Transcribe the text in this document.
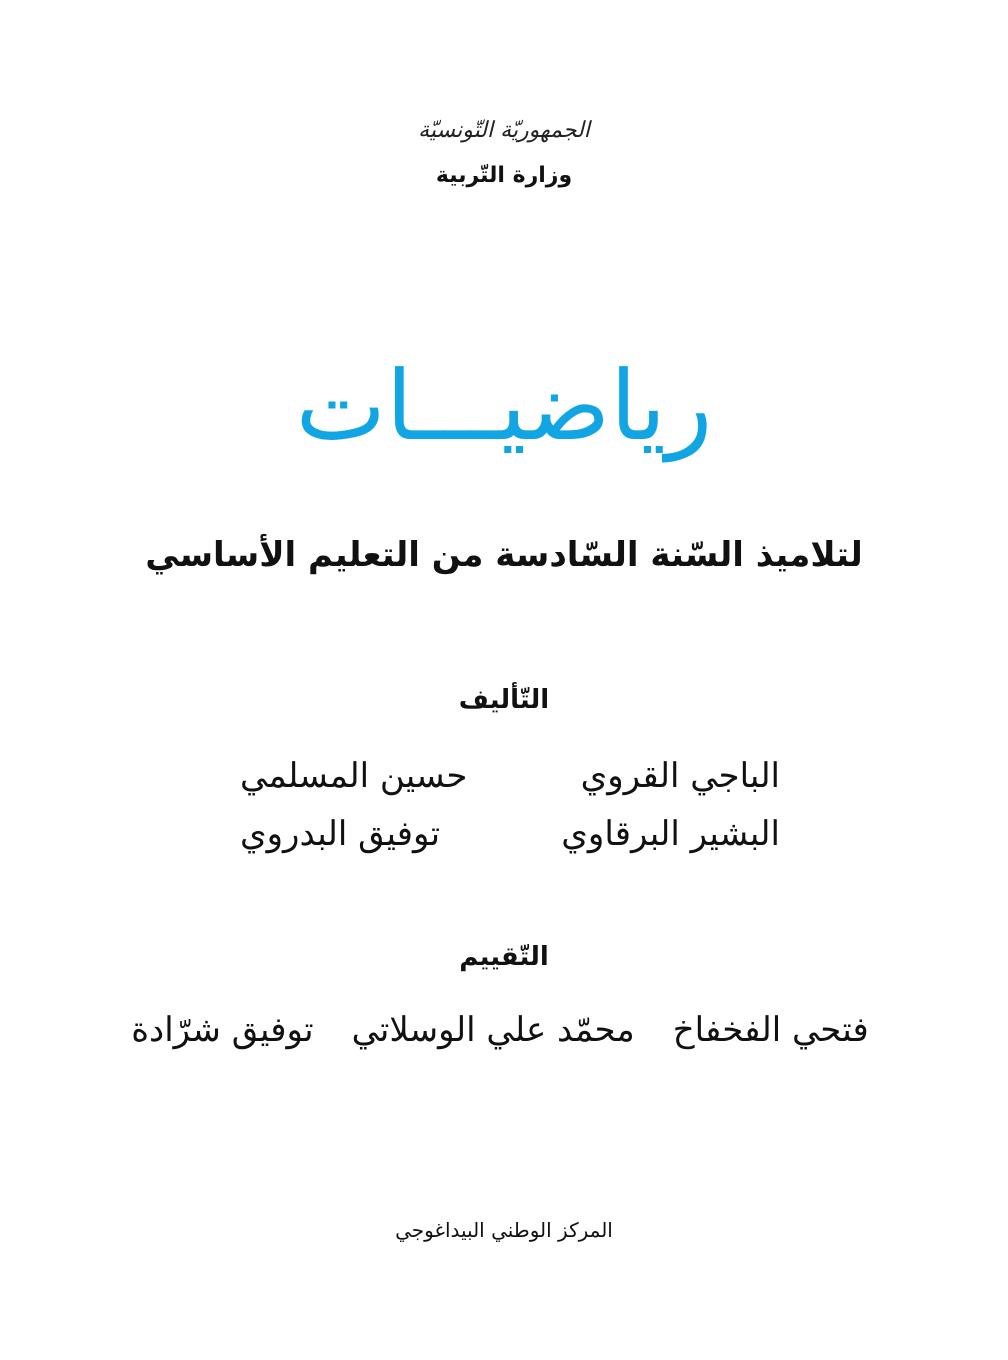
الجمهوريّة التّونسيّة
وزارة التّربية
رياضيـــات
لتلاميذ السّنة السّادسة من التعليم الأساسي
التّأليف
الباجي القروي
حسين المسلمي
البشير البرقاوي
توفيق البدروي
التّقييم
فتحي الفخفاخ
محمّد علي الوسلاتي
توفيق شرّادة
المركز الوطني البيداغوجي
